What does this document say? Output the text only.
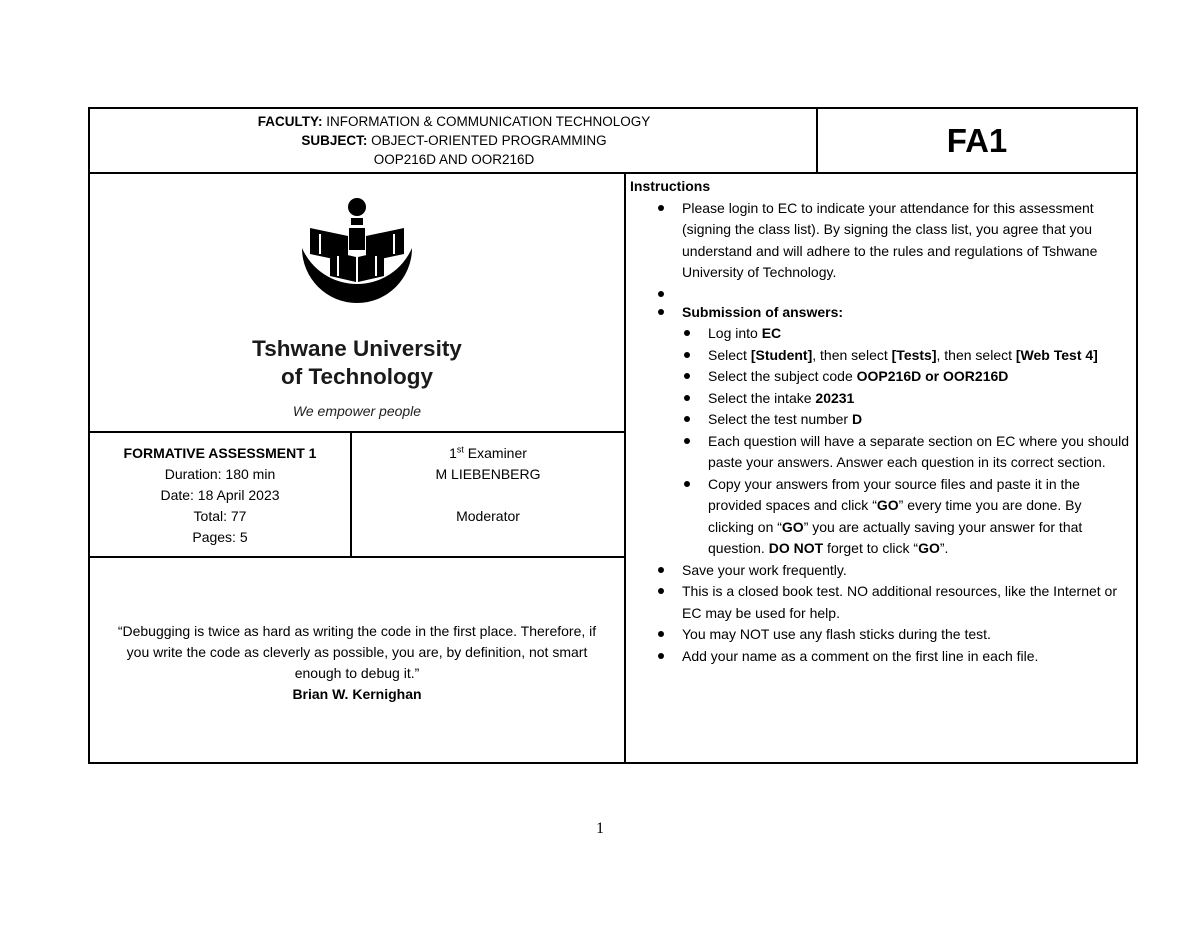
FACULTY: INFORMATION & COMMUNICATION TECHNOLOGY
SUBJECT: OBJECT-ORIENTED PROGRAMMING
OOP216D AND OOR216D
FA1
Tshwane University
of Technology
We empower people
FORMATIVE ASSESSMENT 1
Duration: 180 min
Date: 18 April 2023
Total: 77
Pages: 5
1st Examiner
M LIEBENBERG
Moderator
“Debugging is twice as hard as writing the code in the first place. Therefore, if you write the code as cleverly as possible, you are, by definition, not smart enough to debug it.”
Brian W. Kernighan
Instructions
Please login to EC to indicate your attendance for this assessment (signing the class list). By signing the class list, you agree that you understand and will adhere to the rules and regulations of Tshwane University of Technology.
Submission of answers:
Log into EC
Select [Student], then select [Tests], then select [Web Test 4]
Select the subject code OOP216D or OOR216D
Select the intake 20231
Select the test number D
Each question will have a separate section on EC where you should paste your answers. Answer each question in its correct section.
Copy your answers from your source files and paste it in the provided spaces and click “GO” every time you are done. By clicking on “GO” you are actually saving your answer for that question. DO NOT forget to click “GO”.
Save your work frequently.
This is a closed book test. NO additional resources, like the Internet or EC may be used for help.
You may NOT use any flash sticks during the test.
Add your name as a comment on the first line in each file.
1
